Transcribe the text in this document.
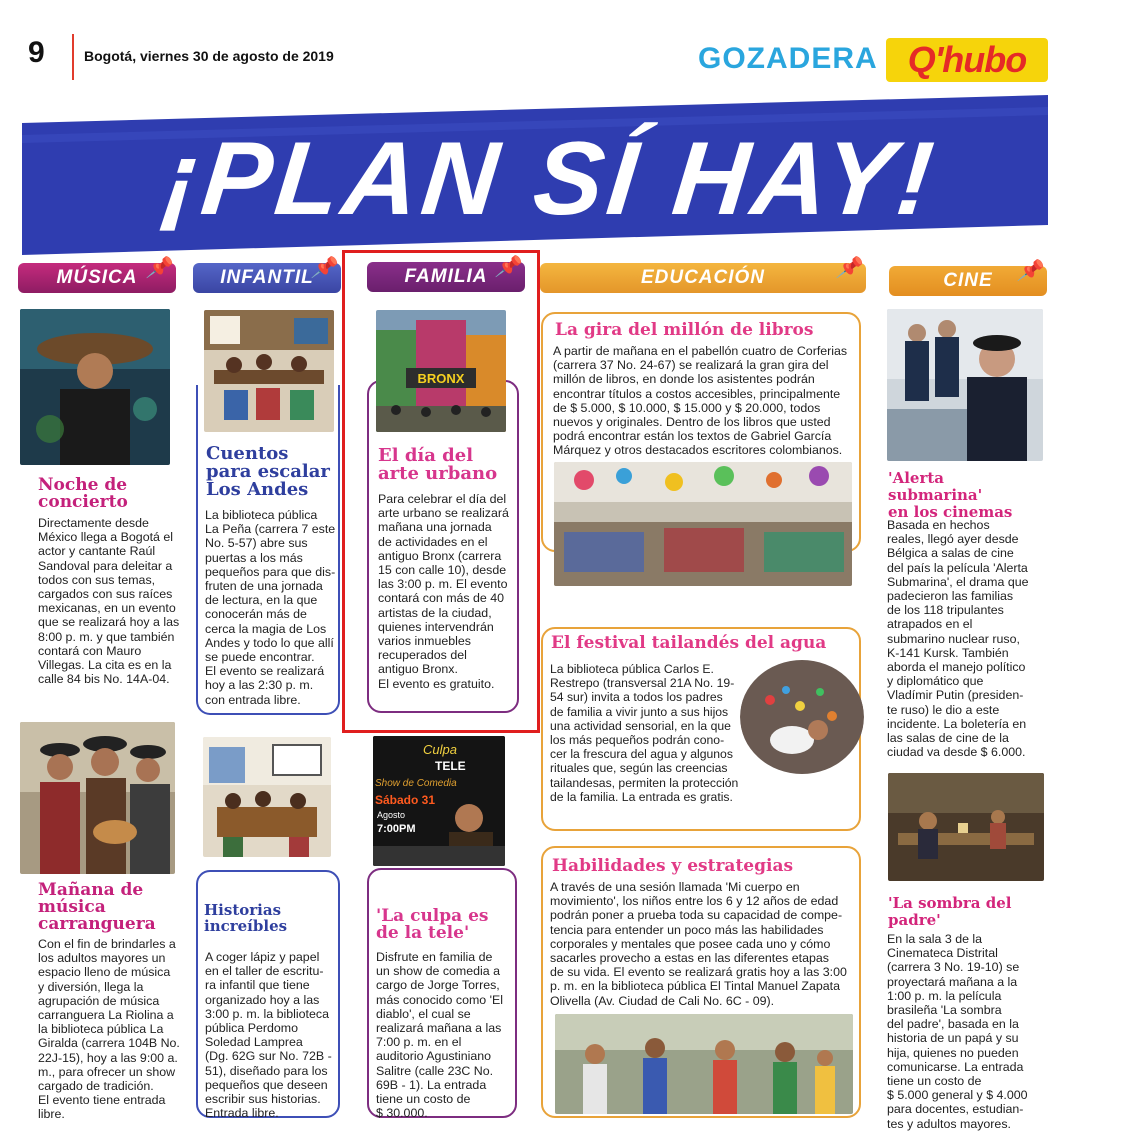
9	Bogotá, viernes 30 de agosto de 2019	GOZADERA Q'hubo
¡PLAN SÍ HAY!
MÚSICA 📌	INFANTIL
📌	FAMILIA 📌	EDUCACIÓN	📌
CINE 📌
Noche de
concierto
Directamente desde
México llega a Bogotá el
actor y cantante Raúl
Sandoval para deleitar a
todos con sus temas,
cargados con sus raíces
mexicanas, en un evento
que se realizará hoy a las
8:00 p. m. y que también
contará con Mauro
Villegas. La cita es en la
calle 84 bis No. 14A-04.
Mañana de
música
carranguera
Con el fin de brindarles a
los adultos mayores un
espacio lleno de música
y diversión, llega la
agrupación de música
carranguera La Riolina a
la biblioteca pública La
Giralda (carrera 104B No.
22J-15), hoy a las 9:00 a.
m., para ofrecer un show
cargado de tradición.
El evento tiene entrada
libre.
Cuentos
para escalar
Los Andes
La biblioteca pública
La Peña (carrera 7 este
No. 5-57) abre sus
puertas a los más
pequeños para que dis-
fruten de una jornada
de lectura, en la que
conocerán más de
cerca la magia de Los
Andes y todo lo que allí
se puede encontrar.
El evento se realizará
hoy a las 2:30 p. m.
con entrada libre.
Historias
increíbles
A coger lápiz y papel
en el taller de escritu-
ra infantil que tiene
organizado hoy a las
3:00 p. m. la biblioteca
pública Perdomo
Soledad Lamprea
(Dg. 62G sur No. 72B -
51), diseñado para los
pequeños que deseen
escribir sus historias.
Entrada libre.
BRONX
El día del
arte urbano
Para celebrar el día del
arte urbano se realizará
mañana una jornada
de actividades en el
antiguo Bronx (carrera
15 con calle 10), desde
las 3:00 p. m. El evento
contará con más de 40
artistas de la ciudad,
quienes intervendrán
varios inmuebles
recuperados del
antiguo Bronx.
El evento es gratuito.
Culpa
TELE
Show de Comedia
Sábado 31
Agosto
7:00PM
'La culpa es
de la tele'
Disfrute en familia de
un show de comedia a
cargo de Jorge Torres,
más conocido como 'El
diablo', el cual se
realizará mañana a las
7:00 p. m. en el
auditorio Agustiniano
Salitre (calle 23C No.
69B - 1). La entrada
tiene un costo de
$ 30.000.
La gira del millón de libros
A partir de mañana en el pabellón cuatro de Corferias
(carrera 37 No. 24-67) se realizará la gran gira del
millón de libros, en donde los asistentes podrán
encontrar títulos a costos accesibles, principalmente
de $ 5.000, $ 10.000, $ 15.000 y $ 20.000, todos
nuevos y originales. Dentro de los libros que usted
podrá encontrar están los textos de Gabriel García
Márquez y otros destacados escritores colombianos.
El festival tailandés del agua
La biblioteca pública Carlos E.
Restrepo (transversal 21A No. 19-
54 sur) invita a todos los padres
de familia a vivir junto a sus hijos
una actividad sensorial, en la que
los más pequeños podrán cono-
cer la frescura del agua y algunos
rituales que, según las creencias
tailandesas, permiten la protección
de la familia. La entrada es gratis.
Habilidades y estrategias
A través de una sesión llamada 'Mi cuerpo en
movimiento', los niños entre los 6 y 12 años de edad
podrán poner a prueba toda su capacidad de compe-
tencia para entender un poco más las habilidades
corporales y mentales que posee cada uno y cómo
sacarles provecho a estas en las diferentes etapas
de su vida. El evento se realizará gratis hoy a las 3:00
p. m. en la biblioteca pública El Tintal Manuel Zapata
Olivella (Av. Ciudad de Cali No. 6C - 09).
'Alerta submarina'
en los cinemas
Basada en hechos
reales, llegó ayer desde
Bélgica a salas de cine
del país la película 'Alerta
Submarina', el drama que
padecieron las familias
de los 118 tripulantes
atrapados en el
submarino nuclear ruso,
K-141 Kursk. También
aborda el manejo político
y diplomático que
Vladímir Putin (presiden-
te ruso) le dio a este
incidente. La boletería en
las salas de cine de la
ciudad va desde $ 6.000.
'La sombra del
padre'
En la sala 3 de la
Cinemateca Distrital
(carrera 3 No. 19-10) se
proyectará mañana a la
1:00 p. m. la película
brasileña 'La sombra
del padre', basada en la
historia de un papá y su
hija, quienes no pueden
comunicarse. La entrada
tiene un costo de
$ 5.000 general y $ 4.000
para docentes, estudian-
tes y adultos mayores.
